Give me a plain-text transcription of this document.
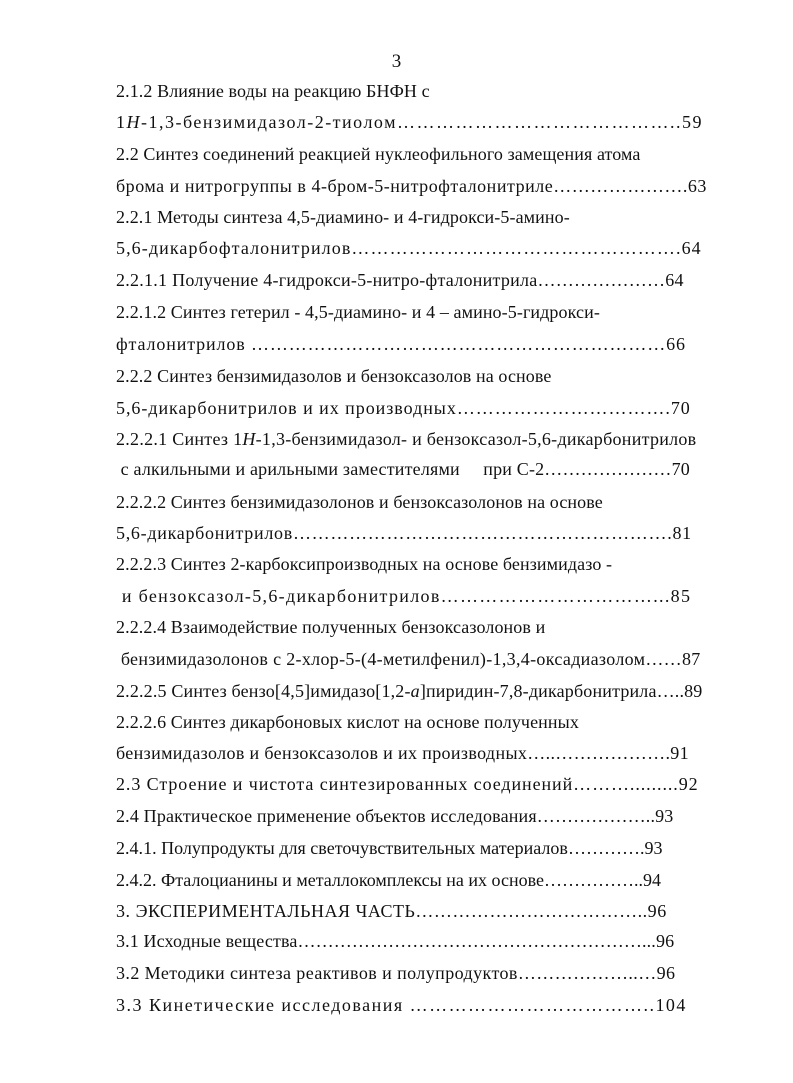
3
2.1.2 Влияние воды на реакцию БНФН с
1H-1,3-бензимидазол-2-тиолом……………………………………..59
2.2 Синтез соединений реакцией нуклеофильного замещения атома
брома и нитрогруппы в 4-бром-5-нитрофталонитриле………………….63
2.2.1 Методы синтеза 4,5-диамино- и 4-гидрокси-5-амино-
5,6-дикарбофталонитрилов…………………………………………….64
2.2.1.1 Получение 4-гидрокси-5-нитро-фталонитрила…………………64
2.2.1.2 Синтез гетерил - 4,5-диамино- и 4 – амино-5-гидрокси-
фталонитрилов …………………………………………………………66
2.2.2 Синтез бензимидазолов и бензоксазолов на основе
5,6-дикарбонитрилов и их производных…………………………….70
2.2.2.1 Синтез 1H-1,3-бензимидазол- и бензоксазол-5,6-дикарбонитрилов
с алкильными и арильными заместителями     при С-2…………………70
2.2.2.2 Синтез бензимидазолонов и бензоксазолонов на основе
5,6-дикарбонитрилов…………………………………………………….81
2.2.2.3 Синтез 2-карбоксипроизводных на основе бензимидазо -
и бензоксазол-5,6-дикарбонитрилов……………………………...85
2.2.2.4 Взаимодействие полученных бензоксазолонов и
бензимидазолонов с 2-хлор-5-(4-метилфенил)-1,3,4-оксадиазолом……87
2.2.2.5 Синтез бензо[4,5]имидазо[1,2-a]пиридин-7,8-дикарбонитрила…..89
2.2.2.6 Синтез дикарбоновых кислот на основе полученных
бензимидазолов и бензоксазолов и их производных…..……………….91
2.3 Строение и чистота синтезированных соединений……….........92
2.4 Практическое применение объектов исследования………………..93
2.4.1. Полупродукты для светочувствительных материалов………….93
2.4.2. Фталоцианины и металлокомплексы на их основе……………..94
3. ЭКСПЕРИМЕНТАЛЬНАЯ ЧАСТЬ………………………………..96
3.1 Исходные вещества…………………………………………………...96
3.2 Методики синтеза реактивов и полупродуктов………………..…96
3.3 Кинетические исследования ………………………………..104
